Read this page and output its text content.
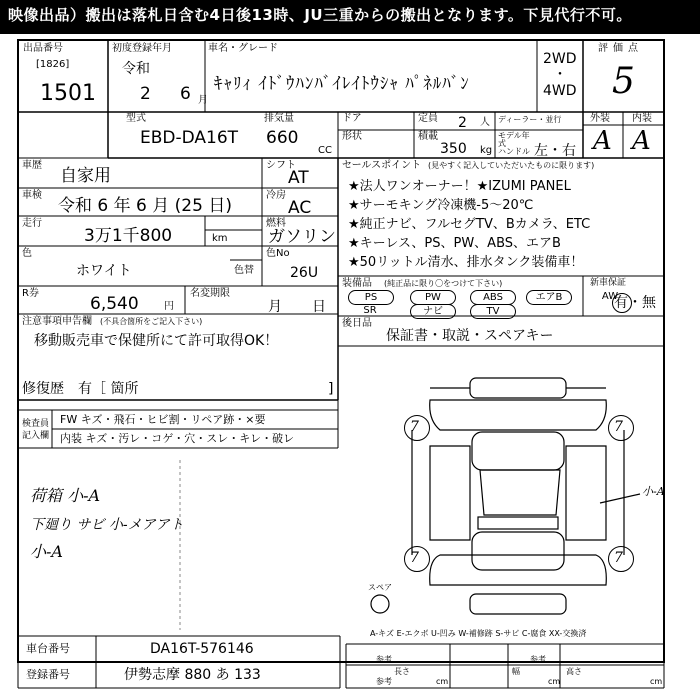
映像出品）搬出は落札日含む4日後13時、JU三重からの搬出となります。下見代行不可。
出品番号
[1826]
1501
初度登録年月
令和
2 6 月
車名・グレード
ｷｬﾘｨ ｲﾄﾞｳﾊﾝﾊﾞｲﾚｲﾄｳｼｬ ﾊﾟﾈﾙﾊﾞﾝ
2WD
・
4WD
評価点
5
外装 内装
A A
型式
EBD-DA16T
排気量
660
CC
ドア	定員 2 人 ディーラー・並行
形状	積載
350 kg
モデル年式
ハンドル 左・右
車歴
自家用
シフト
AT
車検
令和 6 年 6 月 (25 日)
冷房
AC
走行
3万1千800	km
燃料
ガソリン
色
ホワイト	色替
色No
26U
R券
6,540	円
名変期限
月 日
注意事項申告欄 (不具合箇所をご記入下さい)
移動販売車で保健所にて許可取得OK！
修復歴 有［ 箇所	]
セールスポイント (見やすく記入していただいたものに限ります)
★法人ワンオーナー！★IZUMI PANEL
★サーモキング冷凍機-5～20℃
★純正ナビ、フルセグTV、Bカメラ、ETC
★キーレス、PS、PW、ABS、エアB
★50リットル清水、排水タンク装備車！
装備品 (純正品に限り〇をつけて下さい)
PS	PW	ABS	エアB	AW
SR	ナビ	TV
新車保証
有・無
後日品
保証書・取説・スペアキー
検査員記入欄
FW キズ・飛石・ヒビ割・リペア跡・×要
内装 キズ・汚レ・コゲ・穴・スレ・キレ・破レ
荷箱 小-A
下廻り サビ 小-メアアト
小-A
7	7
7	7
小-A
スペア
A-キズ E-エクボ U-凹み W-補修跡 S-サビ C-腐食 XX-交換済
車台番号	DA16T-576146
登録番号	伊勢志摩 880 あ 133
参考	参考
参考
長さ	幅	高さ
cm	cm	cm
